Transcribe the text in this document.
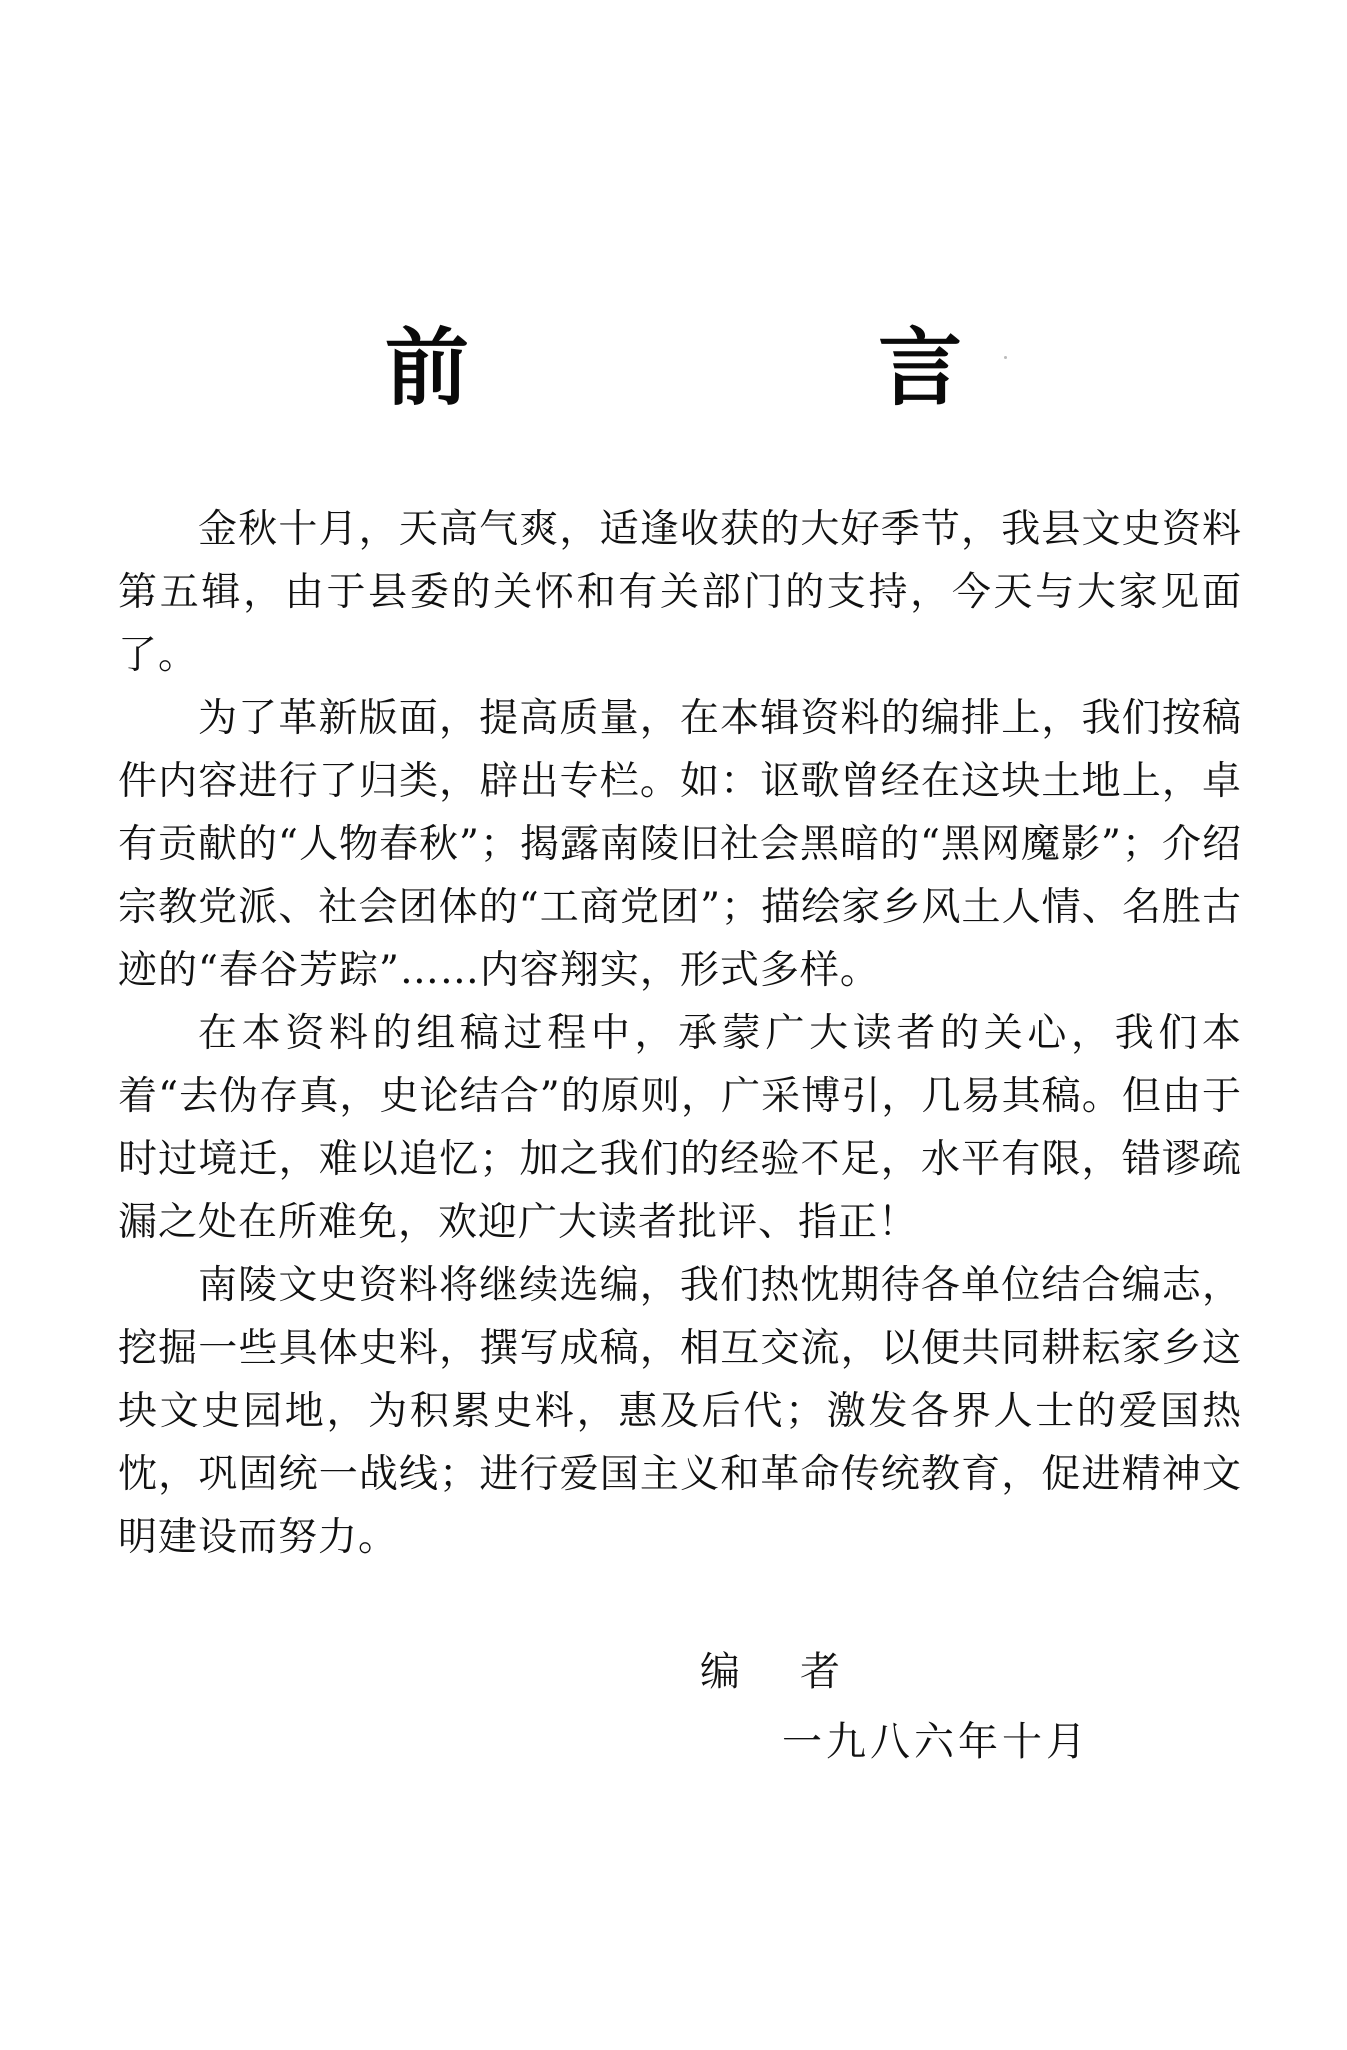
前 言

金秋十月，天高气爽，适逢收获的大好季节，我县文史资料第五辑，由于县委的关怀和有关部门的支持，今天与大家见面了。

为了革新版面，提高质量，在本辑资料的编排上，我们按稿件内容进行了归类，辟出专栏。如：讴歌曾经在这块土地上，卓有贡献的“人物春秋”；揭露南陵旧社会黑暗的“黑网魔影”；介绍宗教党派、社会团体的“工商党团”；描绘家乡风土人情、名胜古迹的“春谷芳踪”……内容翔实，形式多样。

在本资料的组稿过程中，承蒙广大读者的关心，我们本着“去伪存真，史论结合”的原则，广采博引，几易其稿。但由于时过境迁，难以追忆；加之我们的经验不足，水平有限，错谬疏漏之处在所难免，欢迎广大读者批评、指正！

南陵文史资料将继续选编，我们热忱期待各单位结合编志，挖掘一些具体史料，撰写成稿，相互交流，以便共同耕耘家乡这块文史园地，为积累史料，惠及后代；激发各界人士的爱国热忱，巩固统一战线；进行爱国主义和革命传统教育，促进精神文明建设而努力。

编者
一九八六年十月
